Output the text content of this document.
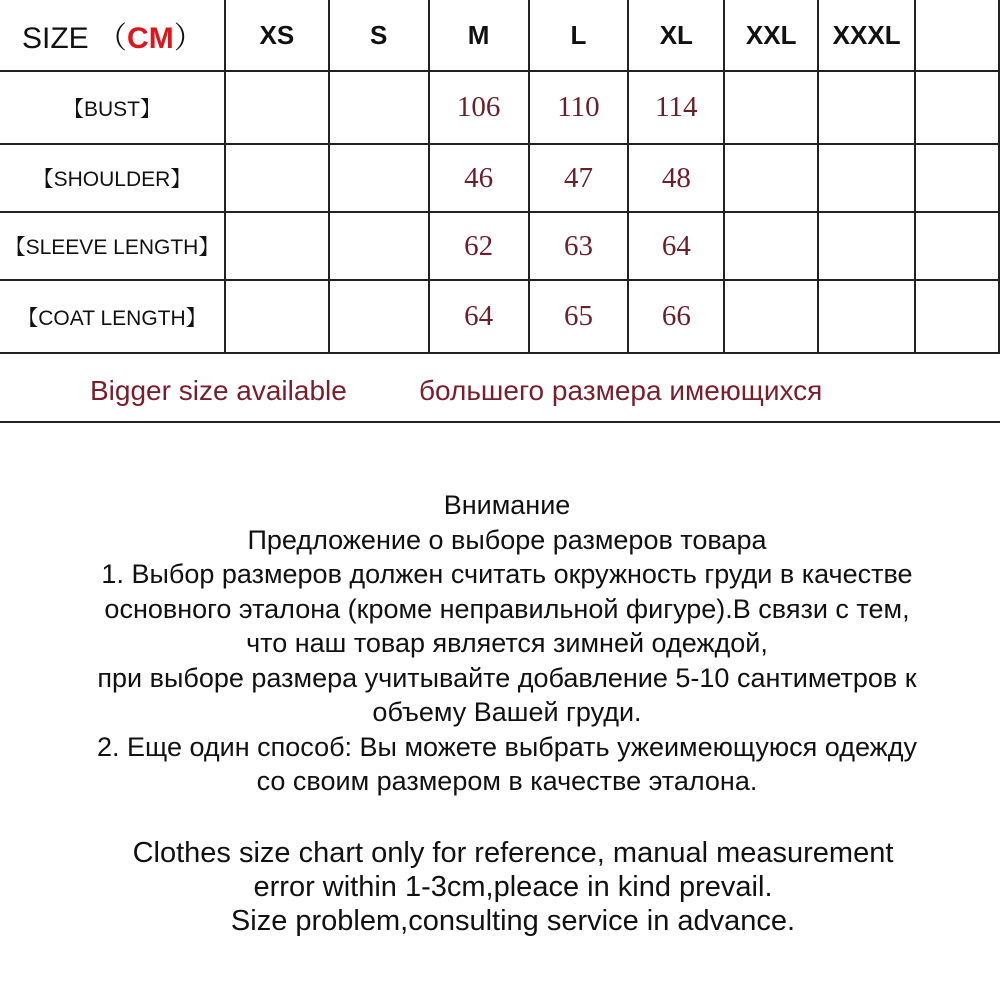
SIZE （CM）	XS	S	M	L	XL	XXL	XXXL	
【BUST】			106	110	114			
【SHOULDER】			46	47	48			
【SLEEVE LENGTH】			62	63	64			
【COAT LENGTH】			64	65	66			
Bigger size available	большего размера имеющихся

Внимание

Предложение о выборе размеров товара

1. Выбор размеров должен считать окружность груди в качестве

основного эталона (кроме неправильной фигуре).В связи с тем,

что наш товар является зимней одеждой,

при выборе размера учитывайте добавление 5-10 сантиметров к

объему Вашей груди.

2. Еще один способ: Вы можете выбрать ужеимеющуюся одежду

со своим размером в качестве эталона.

Clothes size chart only for reference, manual measurement

error within 1-3cm,pleace in kind prevail.

Size problem,consulting service in advance.
